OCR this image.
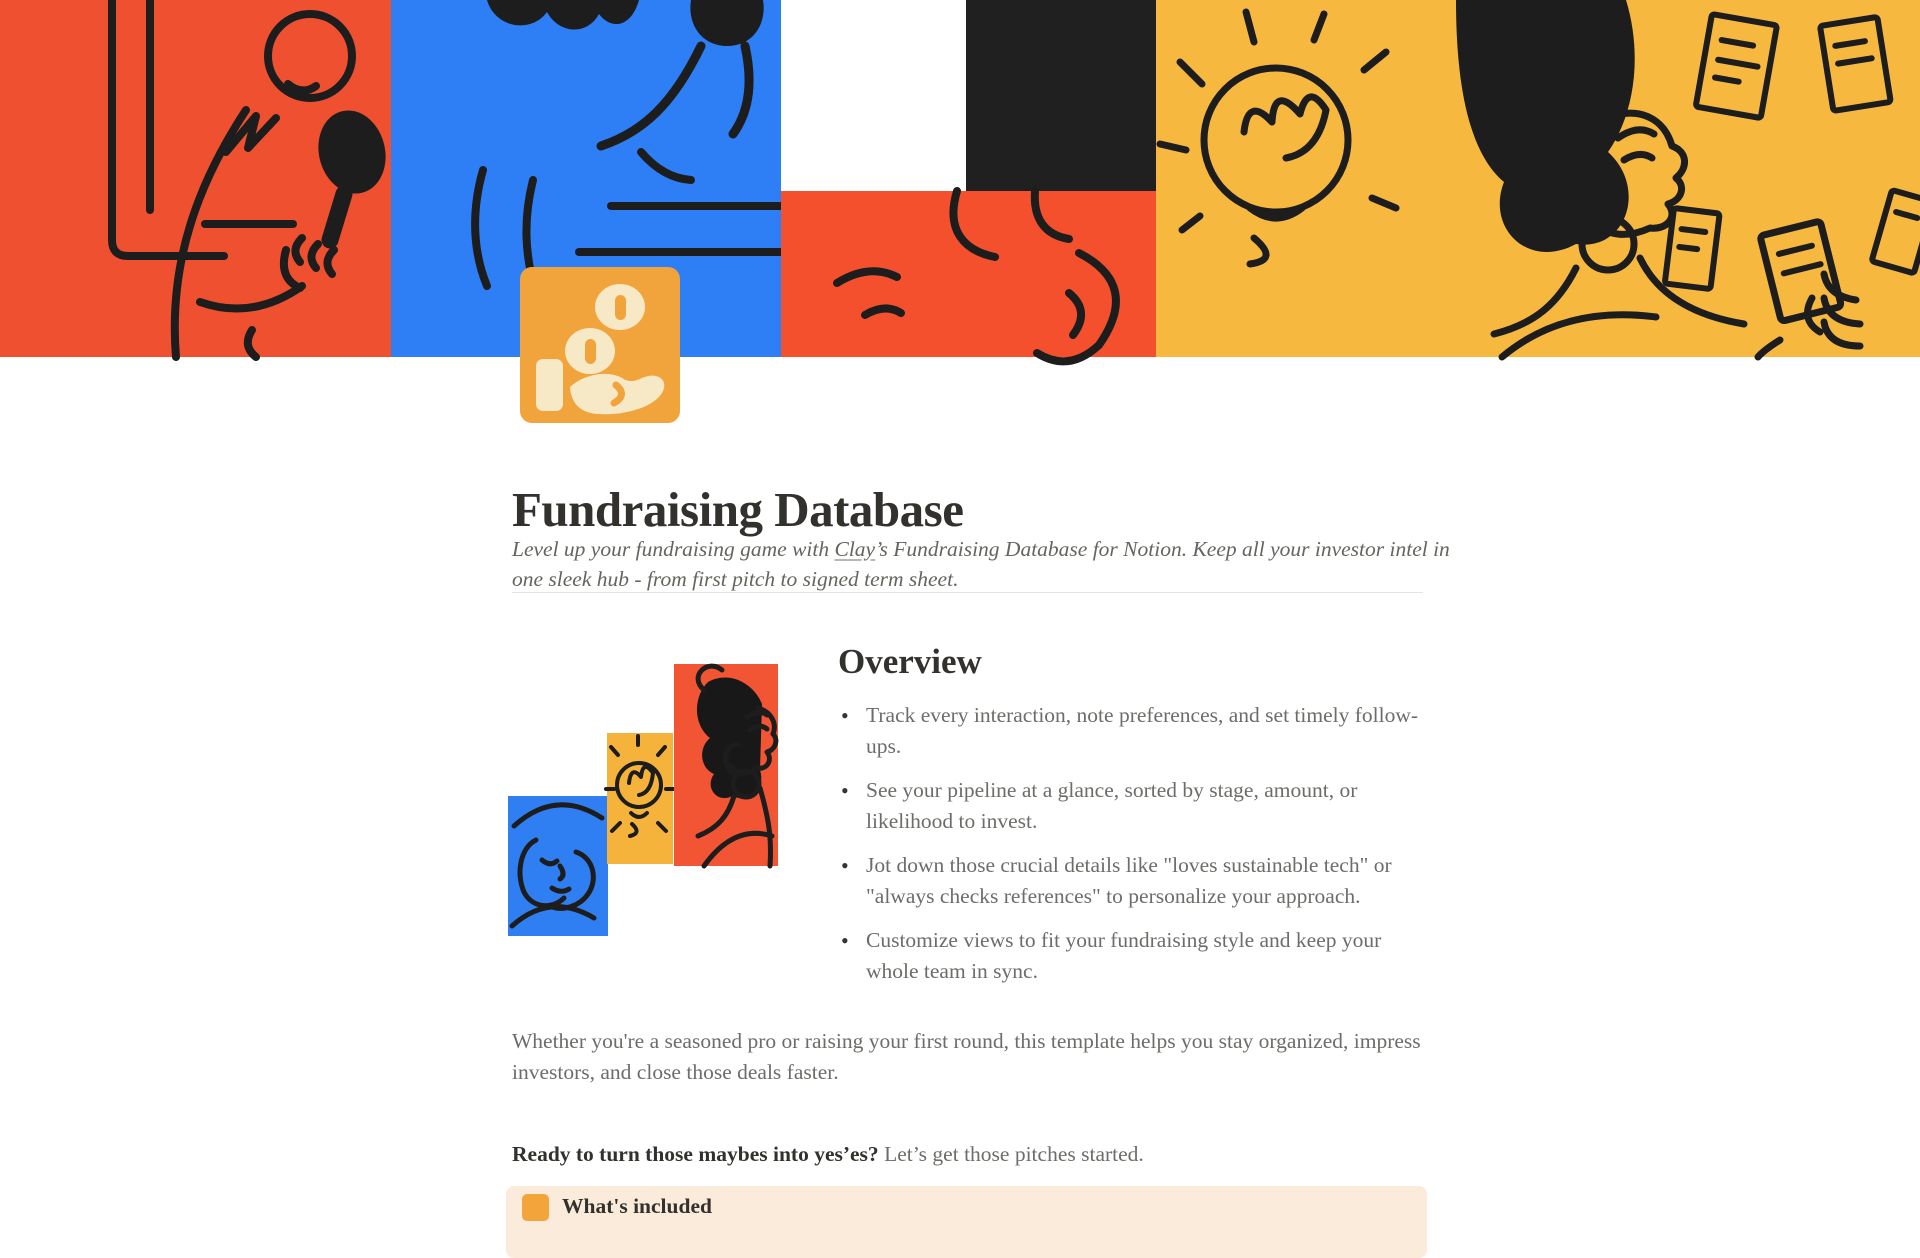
Fundraising Database

Level up your fundraising game with Clay’s Fundraising Database for Notion. Keep all your investor intel in one sleek hub - from first pitch to signed term sheet.

Overview
• Track every interaction, note preferences, and set timely follow-ups.
• See your pipeline at a glance, sorted by stage, amount, or likelihood to invest.
• Jot down those crucial details like "loves sustainable tech" or "always checks references" to personalize your approach.
• Customize views to fit your fundraising style and keep your whole team in sync.

Whether you're a seasoned pro or raising your first round, this template helps you stay organized, impress investors, and close those deals faster.

Ready to turn those maybes into yes’es? Let’s get those pitches started.

What's included
